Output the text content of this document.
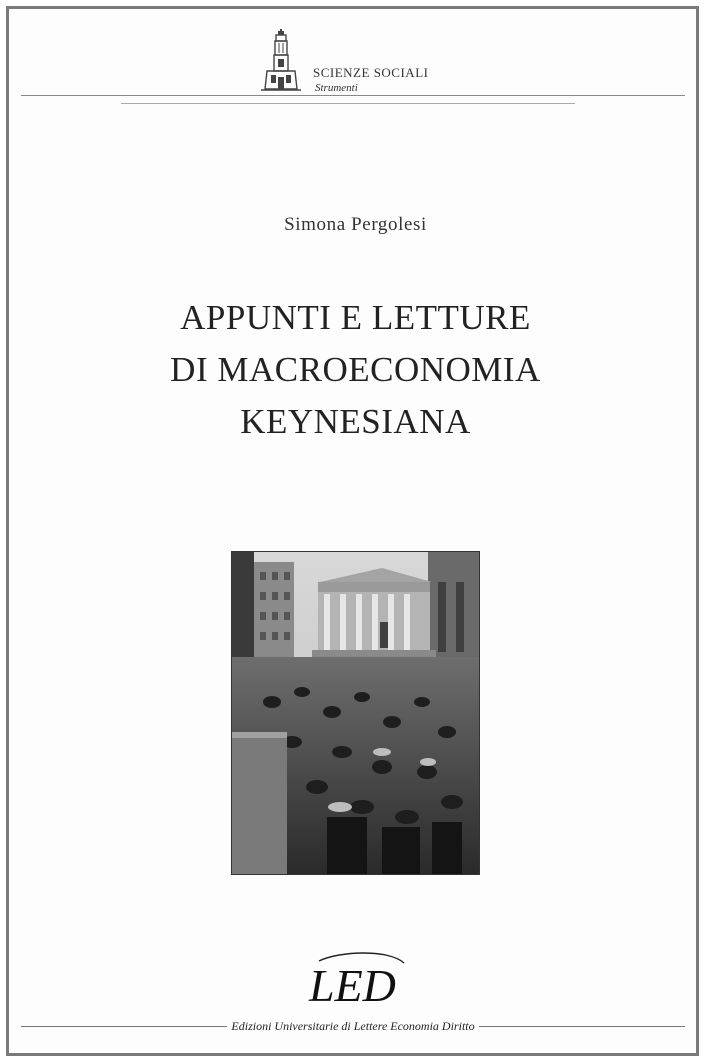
SCIENZE SOCIALI
Strumenti
Simona Pergolesi
APPUNTI E LETTURE
DI MACROECONOMIA
KEYNESIANA
LED
Edizioni Universitarie di Lettere Economia Diritto
